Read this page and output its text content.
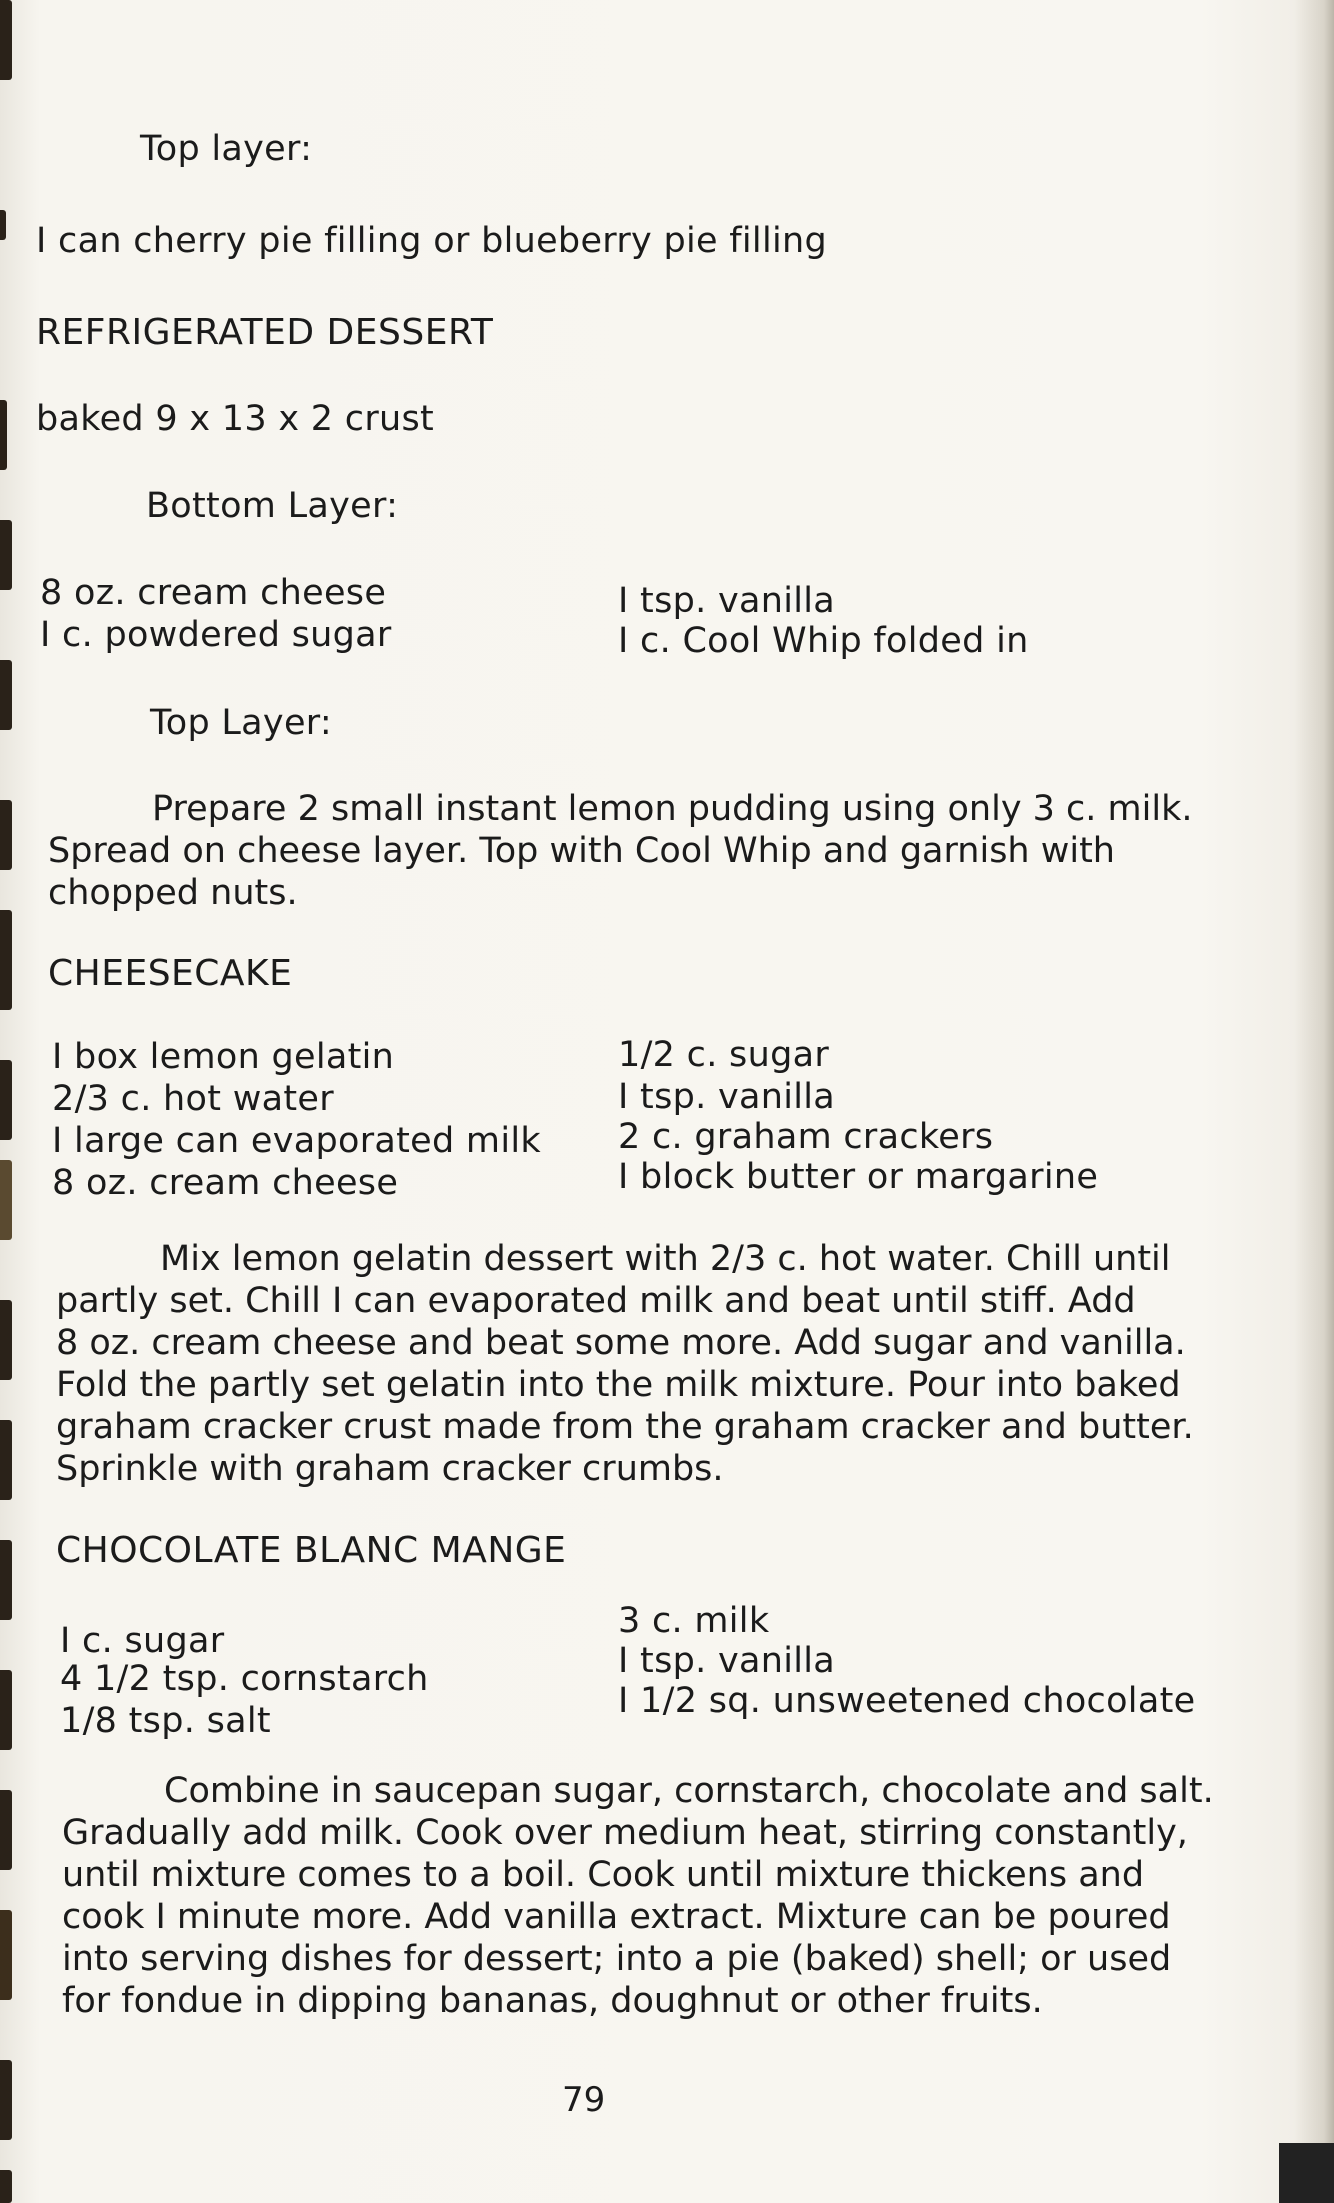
Top layer:
I can cherry pie filling or blueberry pie filling
REFRIGERATED DESSERT
baked 9 x 13 x 2 crust
Bottom Layer:
8 oz. cream cheese
I c. powdered sugar
I tsp. vanilla
I c. Cool Whip folded in
Top Layer:
Prepare 2 small instant lemon pudding using only 3 c. milk.
Spread on cheese layer. Top with Cool Whip and garnish with
chopped nuts.
CHEESECAKE
I box lemon gelatin
2/3 c. hot water
I large can evaporated milk
8 oz. cream cheese
1/2 c. sugar
I tsp. vanilla
2 c. graham crackers
I block butter or margarine
Mix lemon gelatin dessert with 2/3 c. hot water. Chill until
partly set. Chill I can evaporated milk and beat until stiff. Add
8 oz. cream cheese and beat some more. Add sugar and vanilla.
Fold the partly set gelatin into the milk mixture. Pour into baked
graham cracker crust made from the graham cracker and butter.
Sprinkle with graham cracker crumbs.
CHOCOLATE BLANC MANGE
I c. sugar
4 1/2 tsp. cornstarch
1/8 tsp. salt
3 c. milk
I tsp. vanilla
I 1/2 sq. unsweetened chocolate
Combine in saucepan sugar, cornstarch, chocolate and salt.
Gradually add milk. Cook over medium heat, stirring constantly,
until mixture comes to a boil. Cook until mixture thickens and
cook I minute more. Add vanilla extract. Mixture can be poured
into serving dishes for dessert; into a pie (baked) shell; or used
for fondue in dipping bananas, doughnut or other fruits.
79
